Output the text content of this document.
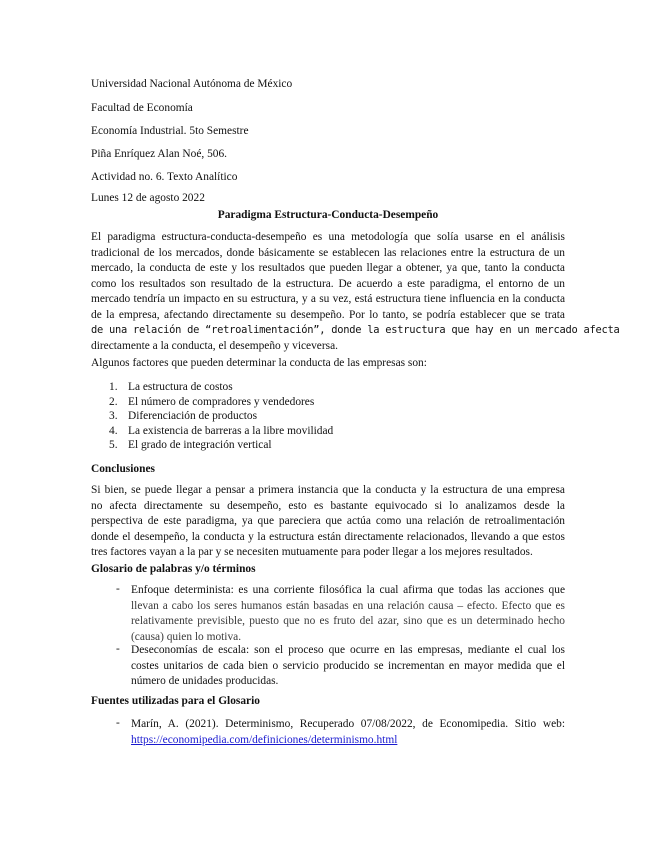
Universidad Nacional Autónoma de México

Facultad de Economía

Economía Industrial. 5to Semestre

Piña Enríquez Alan Noé, 506.

Actividad no. 6. Texto Analítico

Lunes 12 de agosto 2022

Paradigma Estructura-Conducta-Desempeño

El paradigma estructura-conducta-desempeño es una metodología que solía usarse en el análisis
tradicional de los mercados, donde básicamente se establecen las relaciones entre la estructura de un
mercado, la conducta de este y los resultados que pueden llegar a obtener, ya que, tanto la conducta
como los resultados son resultado de la estructura. De acuerdo a este paradigma, el entorno de un
mercado tendría un impacto en su estructura, y a su vez, está estructura tiene influencia en la conducta
de la empresa, afectando directamente su desempeño. Por lo tanto, se podría establecer que se trata
de una relación de “retroalimentación”, donde la estructura que hay en un mercado afecta
directamente a la conducta, el desempeño y viceversa.

Algunos factores que pueden determinar la conducta de las empresas son:

1. La estructura de costos
2. El número de compradores y vendedores
3. Diferenciación de productos
4. La existencia de barreras a la libre movilidad
5. El grado de integración vertical

Conclusiones

Si bien, se puede llegar a pensar a primera instancia que la conducta y la estructura de una empresa
no afecta directamente su desempeño, esto es bastante equivocado si lo analizamos desde la
perspectiva de este paradigma, ya que pareciera que actúa como una relación de retroalimentación
donde el desempeño, la conducta y la estructura están directamente relacionados, llevando a que estos
tres factores vayan a la par y se necesiten mutuamente para poder llegar a los mejores resultados.

Glosario de palabras y/o términos

- Enfoque determinista: es una corriente filosófica la cual afirma que todas las acciones que
llevan a cabo los seres humanos están basadas en una relación causa – efecto. Efecto que es
relativamente previsible, puesto que no es fruto del azar, sino que es un determinado hecho
(causa) quien lo motiva.
- Deseconomías de escala: son el proceso que ocurre en las empresas, mediante el cual los
costes unitarios de cada bien o servicio producido se incrementan en mayor medida que el
número de unidades producidas.

Fuentes utilizadas para el Glosario

- Marín, A. (2021). Determinismo, Recuperado 07/08/2022, de Economipedia. Sitio web:
https://economipedia.com/definiciones/determinismo.html
